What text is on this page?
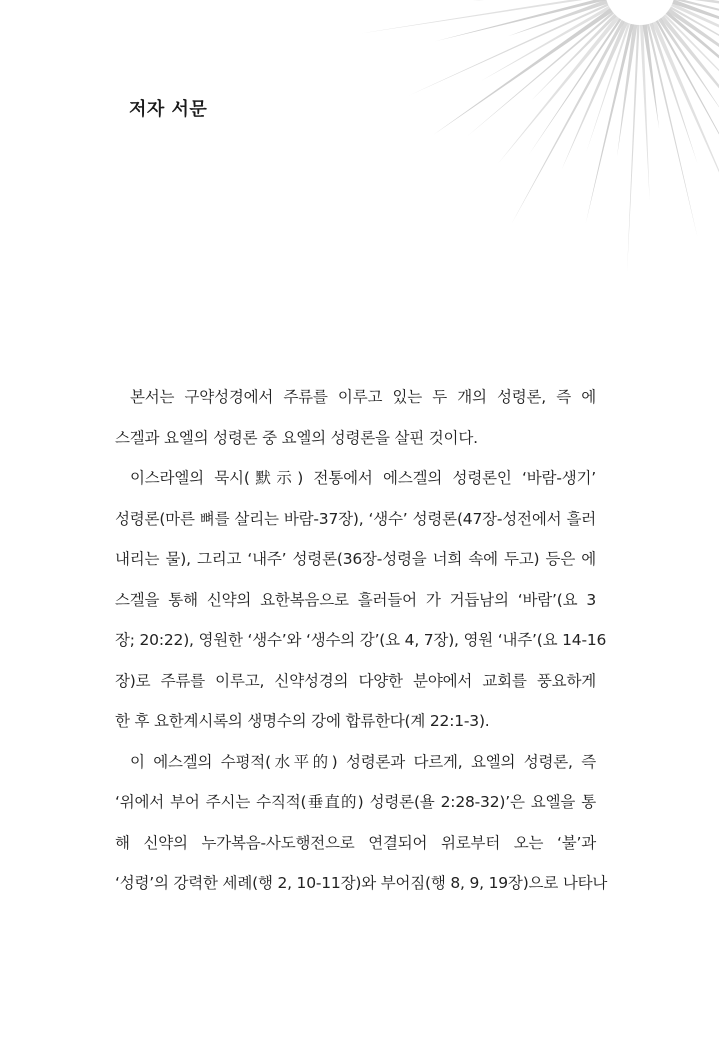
저자 서문
본서는 구약성경에서 주류를 이루고 있는 두 개의 성령론, 즉 에
스겔과 요엘의 성령론 중 요엘의 성령론을 살핀 것이다.
이스라엘의 묵시(默示) 전통에서 에스겔의 성령론인 ‘바람-생기’
성령론(마른 뼈를 살리는 바람-37장), ‘생수’ 성령론(47장-성전에서 흘러
내리는 물), 그리고 ‘내주’ 성령론(36장-성령을 너희 속에 두고) 등은 에
스겔을 통해 신약의 요한복음으로 흘러들어 가 거듭남의 ‘바람’(요 3
장; 20:22), 영원한 ‘생수’와 ‘생수의 강’(요 4, 7장), 영원 ‘내주’(요 14-16
장)로 주류를 이루고, 신약성경의 다양한 분야에서 교회를 풍요하게
한 후 요한계시록의 생명수의 강에 합류한다(계 22:1-3).
이 에스겔의 수평적(水平的) 성령론과 다르게, 요엘의 성령론, 즉
‘위에서 부어 주시는 수직적(垂直的) 성령론(욜 2:28-32)’은 요엘을 통
해 신약의 누가복음-사도행전으로 연결되어 위로부터 오는 ‘불’과
‘성령’의 강력한 세례(행 2, 10-11장)와 부어짐(행 8, 9, 19장)으로 나타나
